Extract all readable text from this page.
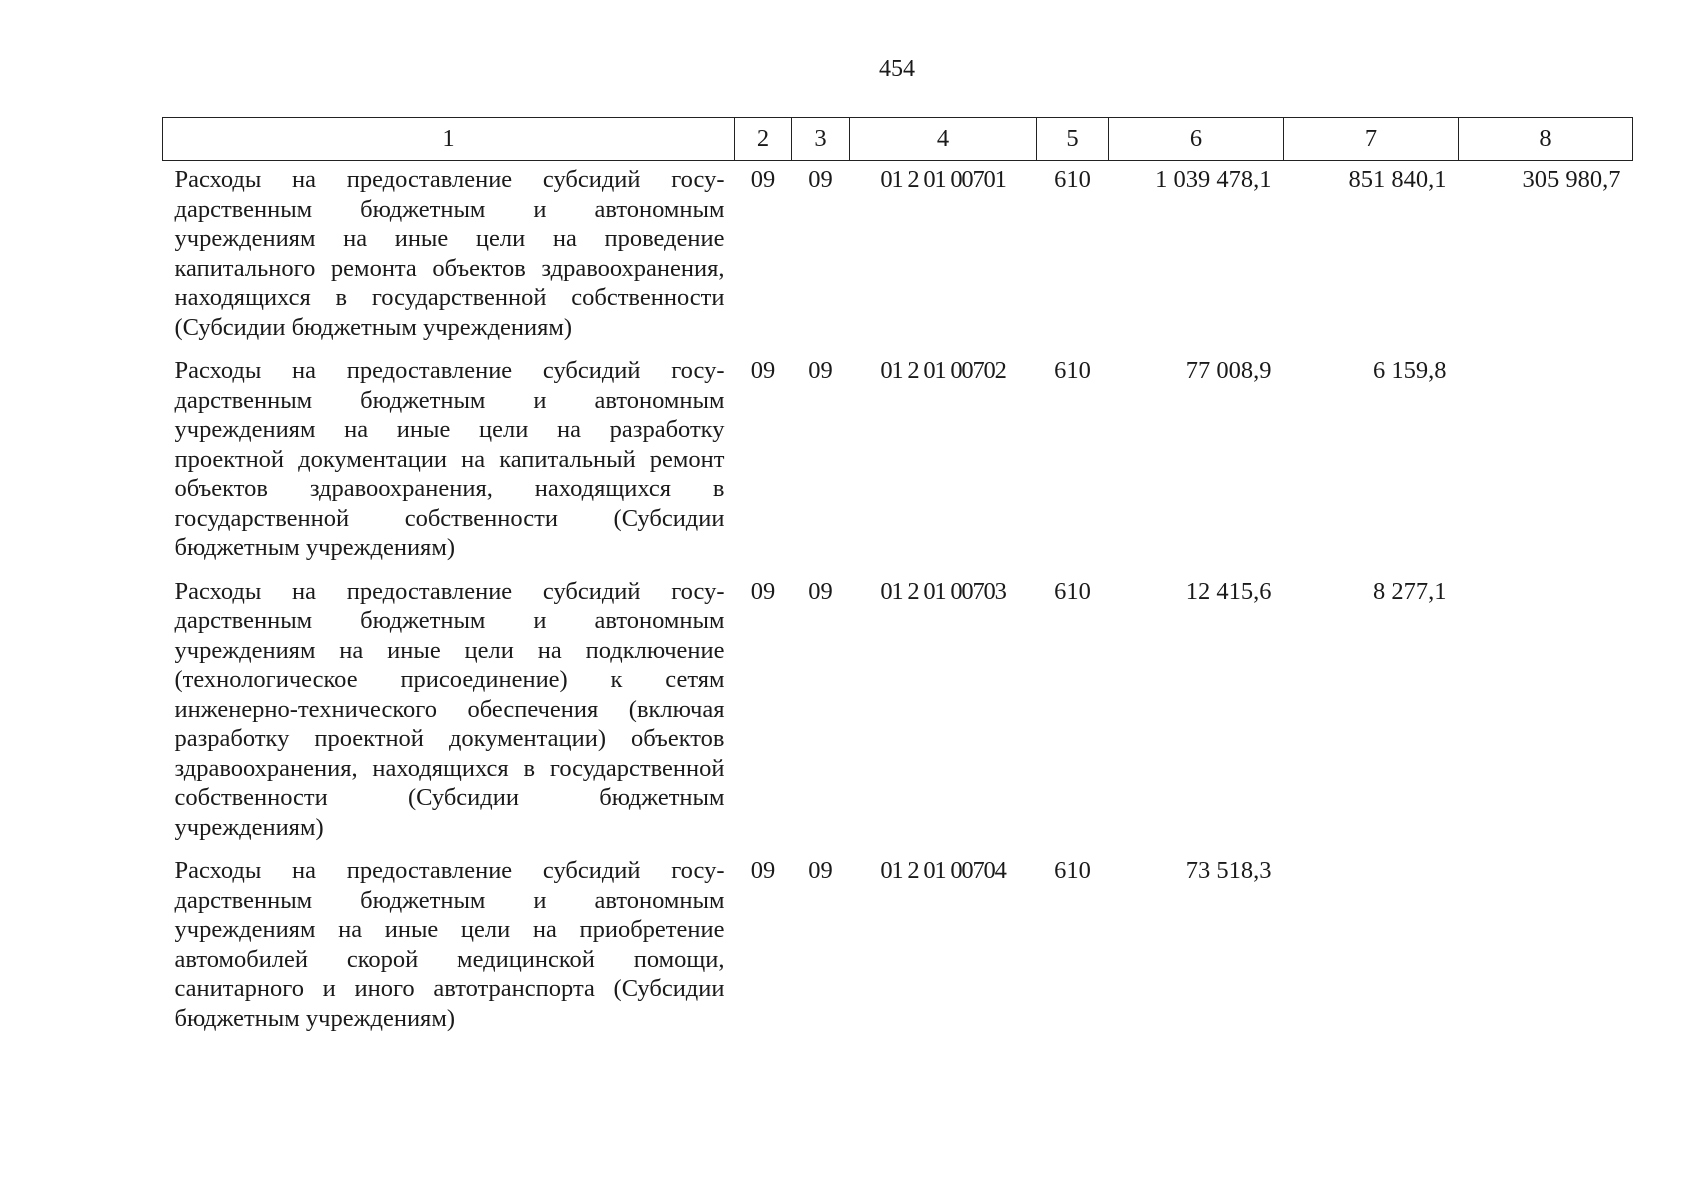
454
1	2	3	4	5	6	7	8
Расходы на предоставление субсидий государственным бюджетным и автономным учреждениям на иные цели на проведение капитального ремонта объектов здравоохранения, находящихся в государственной собственности (Субсидии бюджетным учреждениям)	09	09	01 2 01 00701	610	1 039 478,1	851 840,1	305 980,7
Расходы на предоставление субсидий государственным бюджетным и автономным учреждениям на иные цели на разработку проектной документации на капитальный ремонт объектов здравоохранения, находящихся в государственной собственности (Субсидии бюджетным учреждениям)	09	09	01 2 01 00702	610	77 008,9	6 159,8	
Расходы на предоставление субсидий государственным бюджетным и автономным учреждениям на иные цели на подключение (технологическое присоединение) к сетям инженерно-технического обеспечения (включая разработку проектной документации) объектов здравоохранения, находящихся в государственной собственности (Субсидии бюджетным учреждениям)	09	09	01 2 01 00703	610	12 415,6	8 277,1	
Расходы на предоставление субсидий государственным бюджетным и автономным учреждениям на иные цели на приобретение автомобилей скорой медицинской помощи, санитарного и иного автотранспорта (Субсидии бюджетным учреждениям)	09	09	01 2 01 00704	610	73 518,3		
